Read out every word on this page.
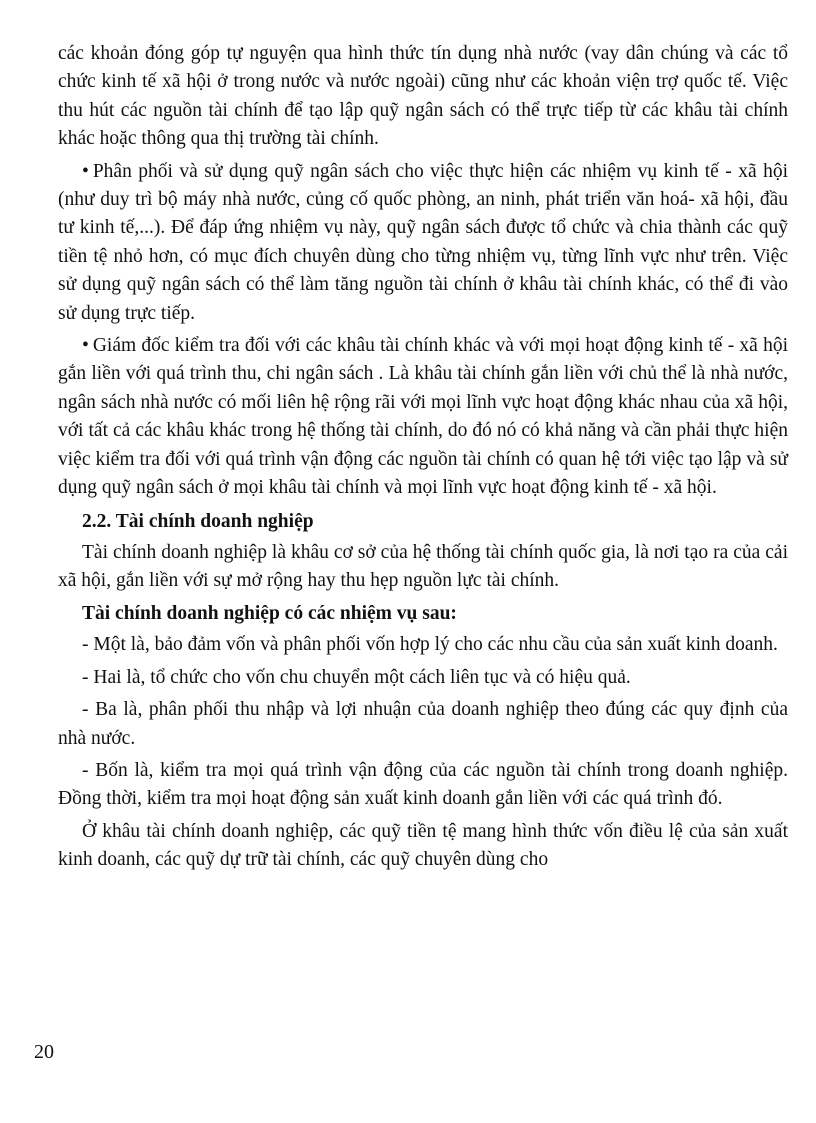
các khoản đóng góp tự nguyện qua hình thức tín dụng nhà nước (vay dân chúng và các tổ chức kinh tế xã hội ở trong nước và nước ngoài) cũng như các khoản viện trợ quốc tế. Việc thu hút các nguồn tài chính để tạo lập quỹ ngân sách có thể trực tiếp từ các khâu tài chính khác hoặc thông qua thị trường tài chính.

• Phân phối và sử dụng quỹ ngân sách cho việc thực hiện các nhiệm vụ kinh tế - xã hội (như duy trì bộ máy nhà nước, củng cố quốc phòng, an ninh, phát triển văn hoá- xã hội, đầu tư kinh tế,...). Để đáp ứng nhiệm vụ này, quỹ ngân sách được tổ chức và chia thành các quỹ tiền tệ nhỏ hơn, có mục đích chuyên dùng cho từng nhiệm vụ, từng lĩnh vực như trên. Việc sử dụng quỹ ngân sách có thể làm tăng nguồn tài chính ở khâu tài chính khác, có thể đi vào sử dụng trực tiếp.

• Giám đốc kiểm tra đối với các khâu tài chính khác và với mọi hoạt động kinh tế - xã hội gắn liền với quá trình thu, chi ngân sách . Là khâu tài chính gắn liền với chủ thể là nhà nước, ngân sách nhà nước có mối liên hệ rộng rãi với mọi lĩnh vực hoạt động khác nhau của xã hội, với tất cả các khâu khác trong hệ thống tài chính, do đó nó có khả năng và cần phải thực hiện việc kiểm tra đối với quá trình vận động các nguồn tài chính có quan hệ tới việc tạo lập và sử dụng quỹ ngân sách ở mọi khâu tài chính và mọi lĩnh vực hoạt động kinh tế - xã hội.

2.2. Tài chính doanh nghiệp

Tài chính doanh nghiệp là khâu cơ sở của hệ thống tài chính quốc gia, là nơi tạo ra của cải xã hội, gắn liền với sự mở rộng hay thu hẹp nguồn lực tài chính.

Tài chính doanh nghiệp có các nhiệm vụ sau:

- Một là, bảo đảm vốn và phân phối vốn hợp lý cho các nhu cầu của sản xuất kinh doanh.

- Hai là, tổ chức cho vốn chu chuyển một cách liên tục và có hiệu quả.

- Ba là, phân phối thu nhập và lợi nhuận của doanh nghiệp theo đúng các quy định của nhà nước.

- Bốn là, kiểm tra mọi quá trình vận động của các nguồn tài chính trong doanh nghiệp. Đồng thời, kiểm tra mọi hoạt động sản xuất kinh doanh gắn liền với các quá trình đó.

Ở khâu tài chính doanh nghiệp, các quỹ tiền tệ mang hình thức vốn điều lệ của sản xuất kinh doanh, các quỹ dự trữ tài chính, các quỹ chuyên dùng cho

20
